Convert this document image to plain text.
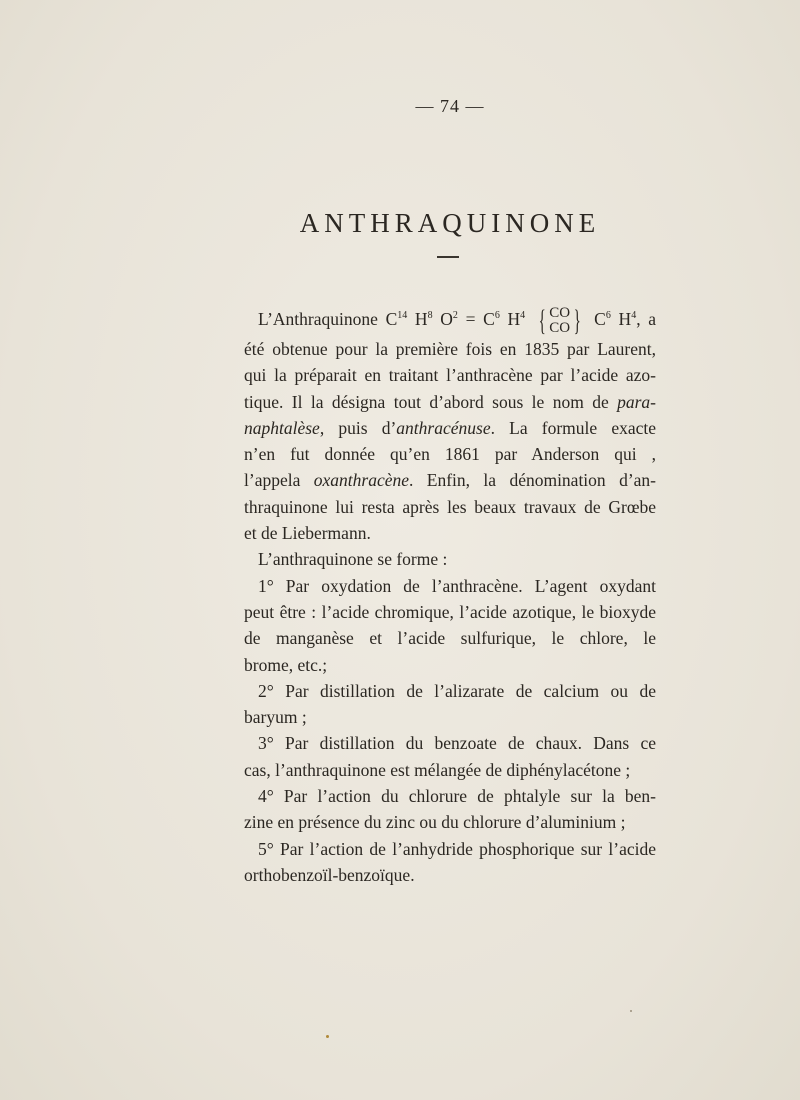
— 74 —
ANTHRAQUINONE
L’Anthraquinone $C^{14}$ $H^8$ $O^2 = C^6$ $H^4$ { CO
CO } $C^6$ $H^4$, a
été obtenue pour la première fois en 1835 par Laurent,
qui la préparait en traitant l’anthracène par l’acide azo-
tique. Il la désigna tout d’abord sous le nom de para-
naphtalèse, puis d’anthracénuse. La formule exacte
n’en fut donnée qu’en 1861 par Anderson qui ,
l’appela oxanthracène. Enfin, la dénomination d’an-
thraquinone lui resta après les beaux travaux de Grœbe
et de Liebermann.
L’anthraquinone se forme :
1° Par oxydation de l’anthracène. L’agent oxydant
peut être : l’acide chromique, l’acide azotique, le bioxyde
de manganèse et l’acide sulfurique, le chlore, le
brome, etc.;
2° Par distillation de l’alizarate de calcium ou de
baryum ;
3° Par distillation du benzoate de chaux. Dans ce
cas, l’anthraquinone est mélangée de diphénylacétone ;
4° Par l’action du chlorure de phtalyle sur la ben-
zine en présence du zinc ou du chlorure d’aluminium ;
5° Par l’action de l’anhydride phosphorique sur l’acide
orthobenzoïl-benzoïque.
